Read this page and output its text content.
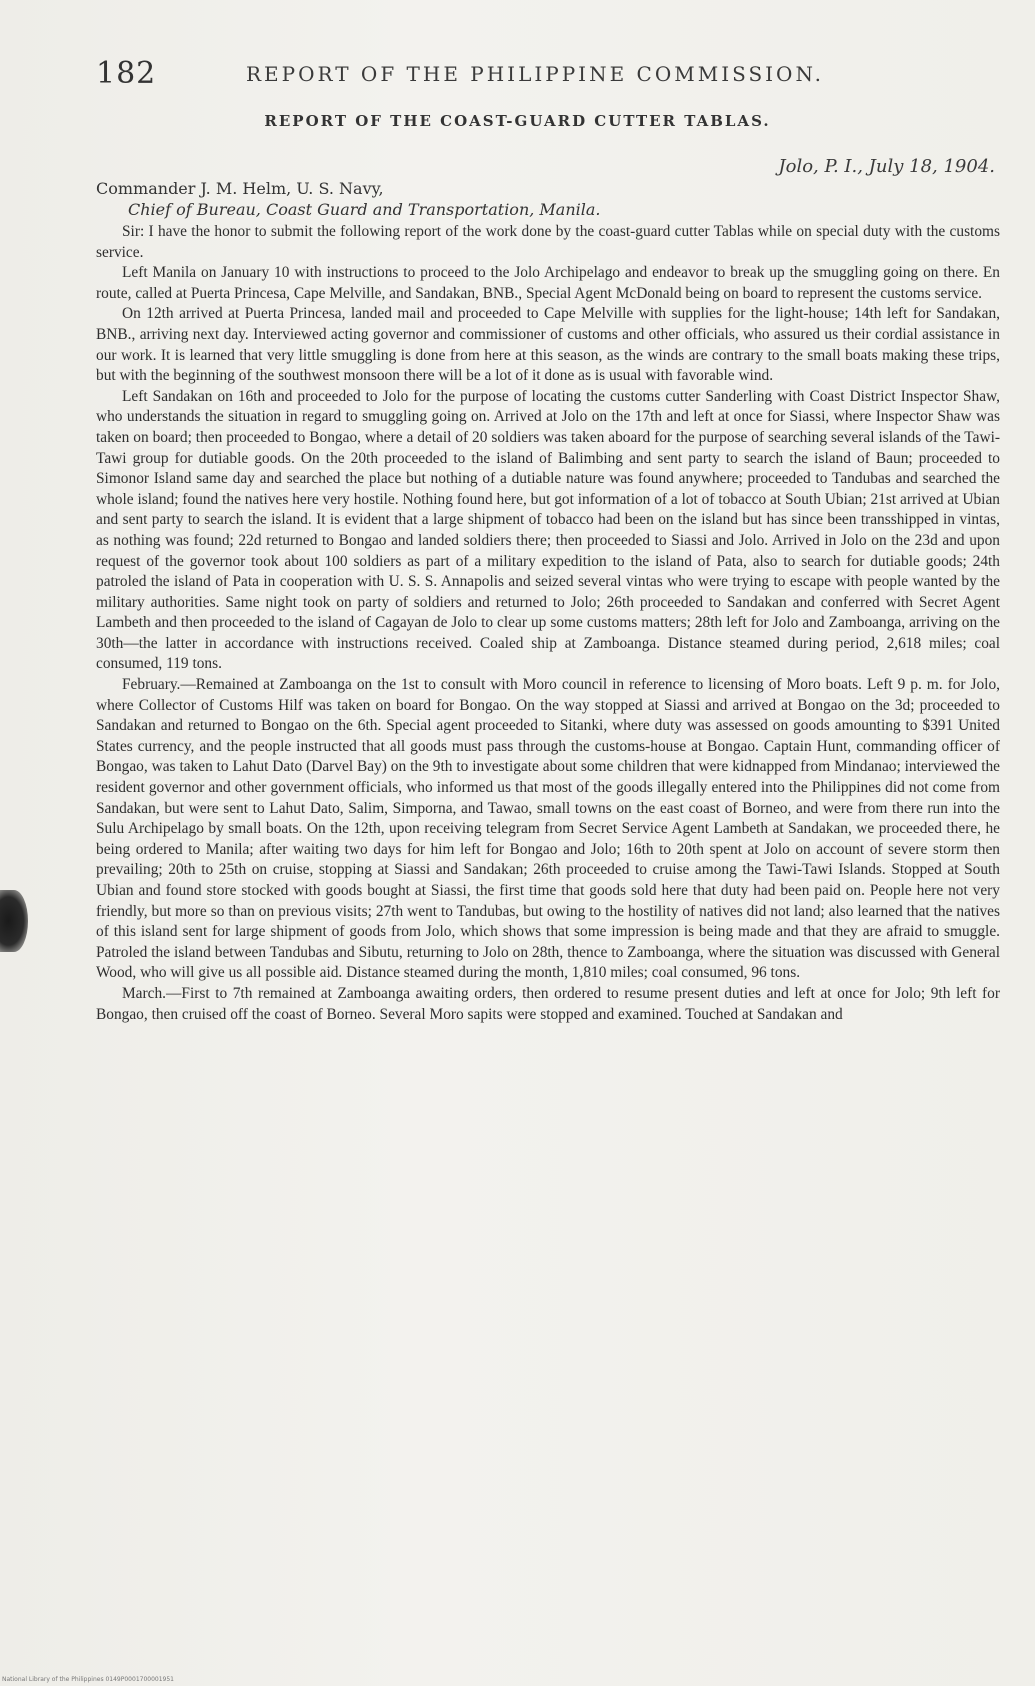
182	REPORT OF THE PHILIPPINE COMMISSION.
REPORT OF THE COAST-GUARD CUTTER TABLAS.
Jolo, P. I., July 18, 1904.
Commander J. M. Helm, U. S. Navy,
Chief of Bureau, Coast Guard and Transportation, Manila.

Sir: I have the honor to submit the following report of the work done by the coast-guard cutter Tablas while on special duty with the customs service.

Left Manila on January 10 with instructions to proceed to the Jolo Archipelago and endeavor to break up the smuggling going on there. En route, called at Puerta Princesa, Cape Melville, and Sandakan, BNB., Special Agent McDonald being on board to represent the customs service.

On 12th arrived at Puerta Princesa, landed mail and proceeded to Cape Melville with supplies for the light-house; 14th left for Sandakan, BNB., arriving next day. Interviewed acting governor and commissioner of customs and other officials, who assured us their cordial assistance in our work. It is learned that very little smuggling is done from here at this season, as the winds are contrary to the small boats making these trips, but with the beginning of the southwest monsoon there will be a lot of it done as is usual with favorable wind.

Left Sandakan on 16th and proceeded to Jolo for the purpose of locating the customs cutter Sanderling with Coast District Inspector Shaw, who understands the situation in regard to smuggling going on. Arrived at Jolo on the 17th and left at once for Siassi, where Inspector Shaw was taken on board; then proceeded to Bongao, where a detail of 20 soldiers was taken aboard for the purpose of searching several islands of the Tawi-Tawi group for dutiable goods. On the 20th proceeded to the island of Balimbing and sent party to search the island of Baun; proceeded to Simonor Island same day and searched the place but nothing of a dutiable nature was found anywhere; proceeded to Tandubas and searched the whole island; found the natives here very hostile. Nothing found here, but got information of a lot of tobacco at South Ubian; 21st arrived at Ubian and sent party to search the island. It is evident that a large shipment of tobacco had been on the island but has since been transshipped in vintas, as nothing was found; 22d returned to Bongao and landed soldiers there; then proceeded to Siassi and Jolo. Arrived in Jolo on the 23d and upon request of the governor took about 100 soldiers as part of a military expedition to the island of Pata, also to search for dutiable goods; 24th patroled the island of Pata in cooperation with U. S. S. Annapolis and seized several vintas who were trying to escape with people wanted by the military authorities. Same night took on party of soldiers and returned to Jolo; 26th proceeded to Sandakan and conferred with Secret Agent Lambeth and then proceeded to the island of Cagayan de Jolo to clear up some customs matters; 28th left for Jolo and Zamboanga, arriving on the 30th—the latter in accordance with instructions received. Coaled ship at Zamboanga. Distance steamed during period, 2,618 miles; coal consumed, 119 tons.

February.—Remained at Zamboanga on the 1st to consult with Moro council in reference to licensing of Moro boats. Left 9 p. m. for Jolo, where Collector of Customs Hilf was taken on board for Bongao. On the way stopped at Siassi and arrived at Bongao on the 3d; proceeded to Sandakan and returned to Bongao on the 6th. Special agent proceeded to Sitanki, where duty was assessed on goods amounting to $391 United States currency, and the people instructed that all goods must pass through the customs-house at Bongao. Captain Hunt, commanding officer of Bongao, was taken to Lahut Dato (Darvel Bay) on the 9th to investigate about some children that were kidnapped from Mindanao; interviewed the resident governor and other government officials, who informed us that most of the goods illegally entered into the Philippines did not come from Sandakan, but were sent to Lahut Dato, Salim, Simporna, and Tawao, small towns on the east coast of Borneo, and were from there run into the Sulu Archipelago by small boats. On the 12th, upon receiving telegram from Secret Service Agent Lambeth at Sandakan, we proceeded there, he being ordered to Manila; after waiting two days for him left for Bongao and Jolo; 16th to 20th spent at Jolo on account of severe storm then prevailing; 20th to 25th on cruise, stopping at Siassi and Sandakan; 26th proceeded to cruise among the Tawi-Tawi Islands. Stopped at South Ubian and found store stocked with goods bought at Siassi, the first time that goods sold here that duty had been paid on. People here not very friendly, but more so than on previous visits; 27th went to Tandubas, but owing to the hostility of natives did not land; also learned that the natives of this island sent for large shipment of goods from Jolo, which shows that some impression is being made and that they are afraid to smuggle. Patroled the island between Tandubas and Sibutu, returning to Jolo on 28th, thence to Zamboanga, where the situation was discussed with General Wood, who will give us all possible aid. Distance steamed during the month, 1,810 miles; coal consumed, 96 tons.

March.—First to 7th remained at Zamboanga awaiting orders, then ordered to resume present duties and left at once for Jolo; 9th left for Bongao, then cruised off the coast of Borneo. Several Moro sapits were stopped and examined. Touched at Sandakan and

National Library of the Philippines 0149P0001700001951
